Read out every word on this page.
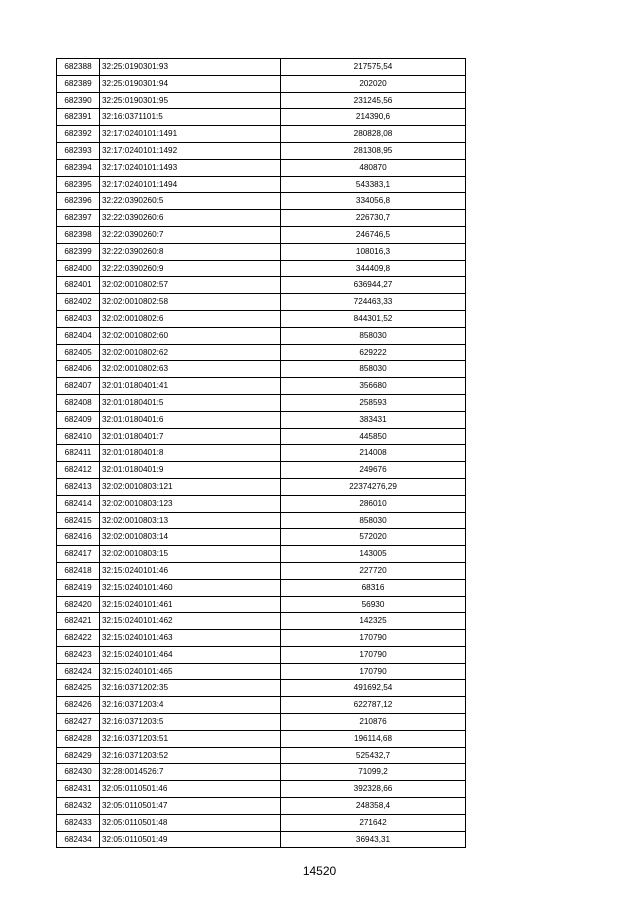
682388	32:25:0190301:93	217575,54
682389	32:25:0190301:94	202020
682390	32:25:0190301:95	231245,56
682391	32:16:0371101:5	214390,6
682392	32:17:0240101:1491	280828,08
682393	32:17:0240101:1492	281308,95
682394	32:17:0240101:1493	480870
682395	32:17:0240101:1494	543383,1
682396	32:22:0390260:5	334056,8
682397	32:22:0390260:6	226730,7
682398	32:22:0390260:7	246746,5
682399	32:22:0390260:8	108016,3
682400	32:22:0390260:9	344409,8
682401	32:02:0010802:57	636944,27
682402	32:02:0010802:58	724463,33
682403	32:02:0010802:6	844301,52
682404	32:02:0010802:60	858030
682405	32:02:0010802:62	629222
682406	32:02:0010802:63	858030
682407	32:01:0180401:41	356680
682408	32:01:0180401:5	258593
682409	32:01:0180401:6	383431
682410	32:01:0180401:7	445850
682411	32:01:0180401:8	214008
682412	32:01:0180401:9	249676
682413	32:02:0010803:121	22374276,29
682414	32:02:0010803:123	286010
682415	32:02:0010803:13	858030
682416	32:02:0010803:14	572020
682417	32:02:0010803:15	143005
682418	32:15:0240101:46	227720
682419	32:15:0240101:460	68316
682420	32:15:0240101:461	56930
682421	32:15:0240101:462	142325
682422	32:15:0240101:463	170790
682423	32:15:0240101:464	170790
682424	32:15:0240101:465	170790
682425	32:16:0371202:35	491692,54
682426	32:16:0371203:4	622787,12
682427	32:16:0371203:5	210876
682428	32:16:0371203:51	196114,68
682429	32:16:0371203:52	525432,7
682430	32:28:0014526:7	71099,2
682431	32:05:0110501:46	392328,66
682432	32:05:0110501:47	248358,4
682433	32:05:0110501:48	271642
682434	32:05:0110501:49	36943,31
14520
